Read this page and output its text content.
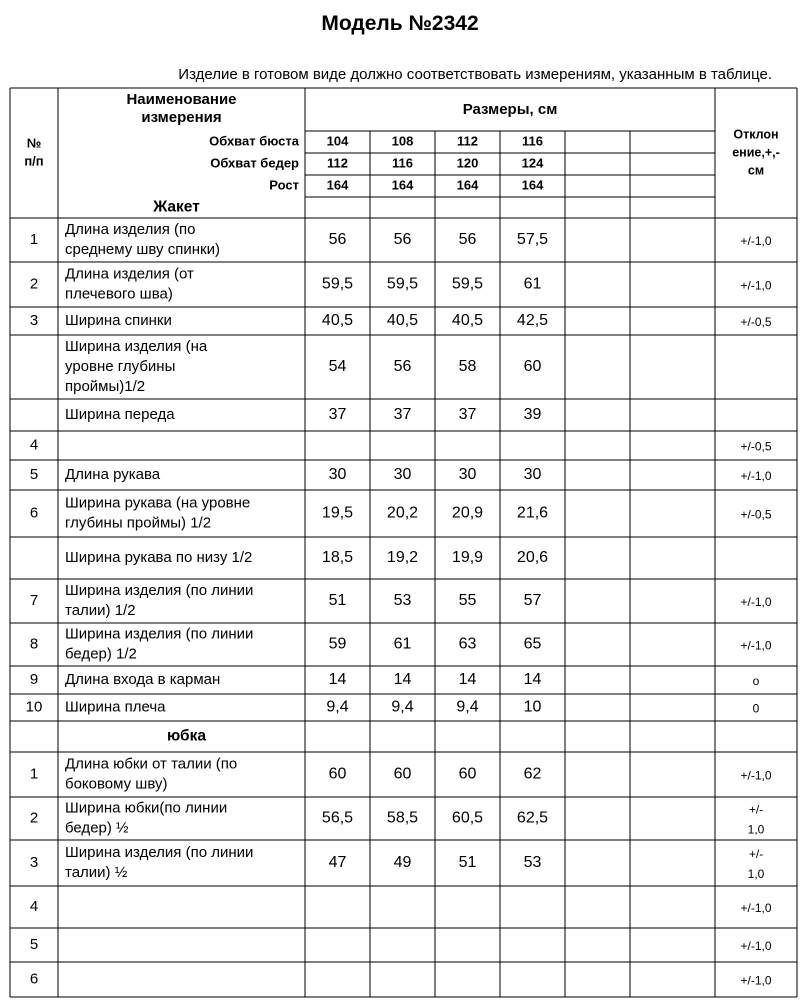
Модель №2342
Изделие в готовом виде должно соответствовать измерениям, указанным в таблице.
№
п/п
Наименование
измерения	Размеры, см
Отклон
ение,+,-
см
Обхват бюста 104	108	112	116
Обхват бедер 112	116	120	124
Рост 164	164	164	164
Жакет
1
Длина изделия (по
среднему шву спинки)
56	56	56	57,5	+/-1,0
2
Длина изделия (от
плечевого шва)
59,5 59,5 59,5	61	+/-1,0
3 Ширина спинки	40,5 40,5 40,5 42,5	+/-0,5
Ширина изделия (на
уровне глубины
проймы)1/2
54	56	58	60
Ширина переда	37	37	37	39
4	+/-0,5
5 Длина рукава	30	30	30	30	+/-1,0
6
Ширина рукава (на уровне
глубины проймы) 1/2
19,5 20,2 20,9 21,6	+/-0,5
Ширина рукава по низу 1/2	18,5 19,2 19,9 20,6
7
Ширина изделия (по линии
талии) 1/2
51	53	55	57	+/-1,0
8
Ширина изделия (по линии
бедер) 1/2
59	61	63	65	+/-1,0
9 Длина входа в карман	14	14	14	14	о
10 Ширина плеча	9,4	9,4	9,4	10	0
юбка
1
Длина юбки от талии (по
боковому шву)
60	60	60	62	+/-1,0
2
Ширина юбки(по линии
бедер) ½
56,5 58,5 60,5 62,5
+/-
1,0
3
Ширина изделия (по линии
талии) ½
47	49	51	53
+/-
1,0
4	+/-1,0
5	+/-1,0
6	+/-1,0
